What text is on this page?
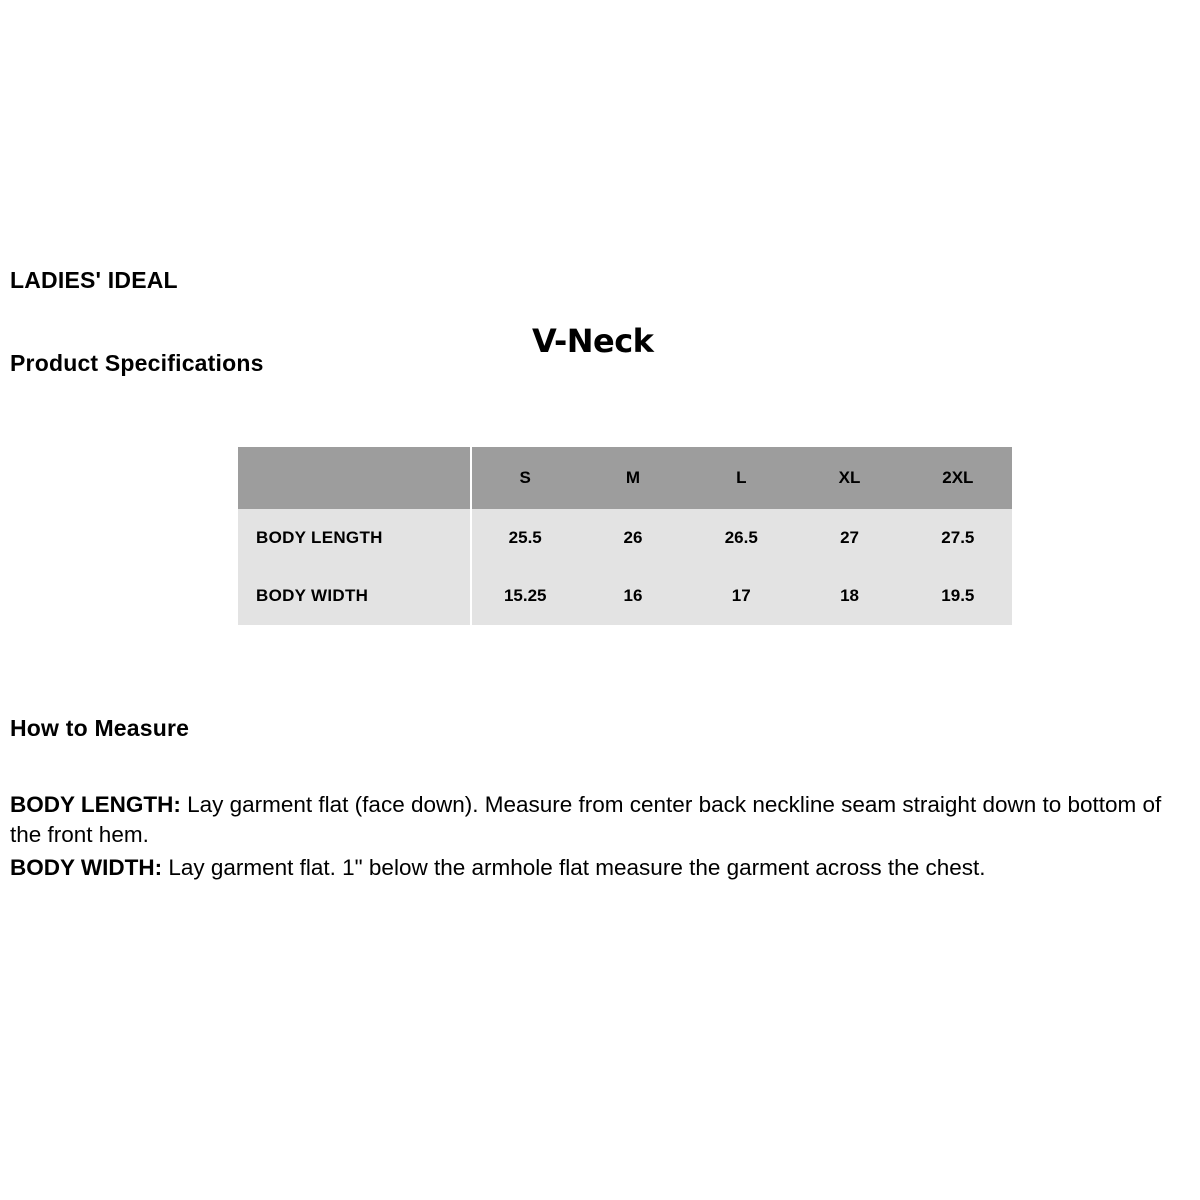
LADIES' IDEAL
Product Specifications
V-Neck
	S	M	L	XL	2XL
BODY LENGTH	25.5	26	26.5	27	27.5
BODY WIDTH	15.25	16	17	18	19.5
How to Measure

BODY LENGTH: Lay garment flat (face down). Measure from center back neckline seam straight down to bottom of the front hem.

BODY WIDTH: Lay garment flat. 1" below the armhole flat measure the garment across the chest.
